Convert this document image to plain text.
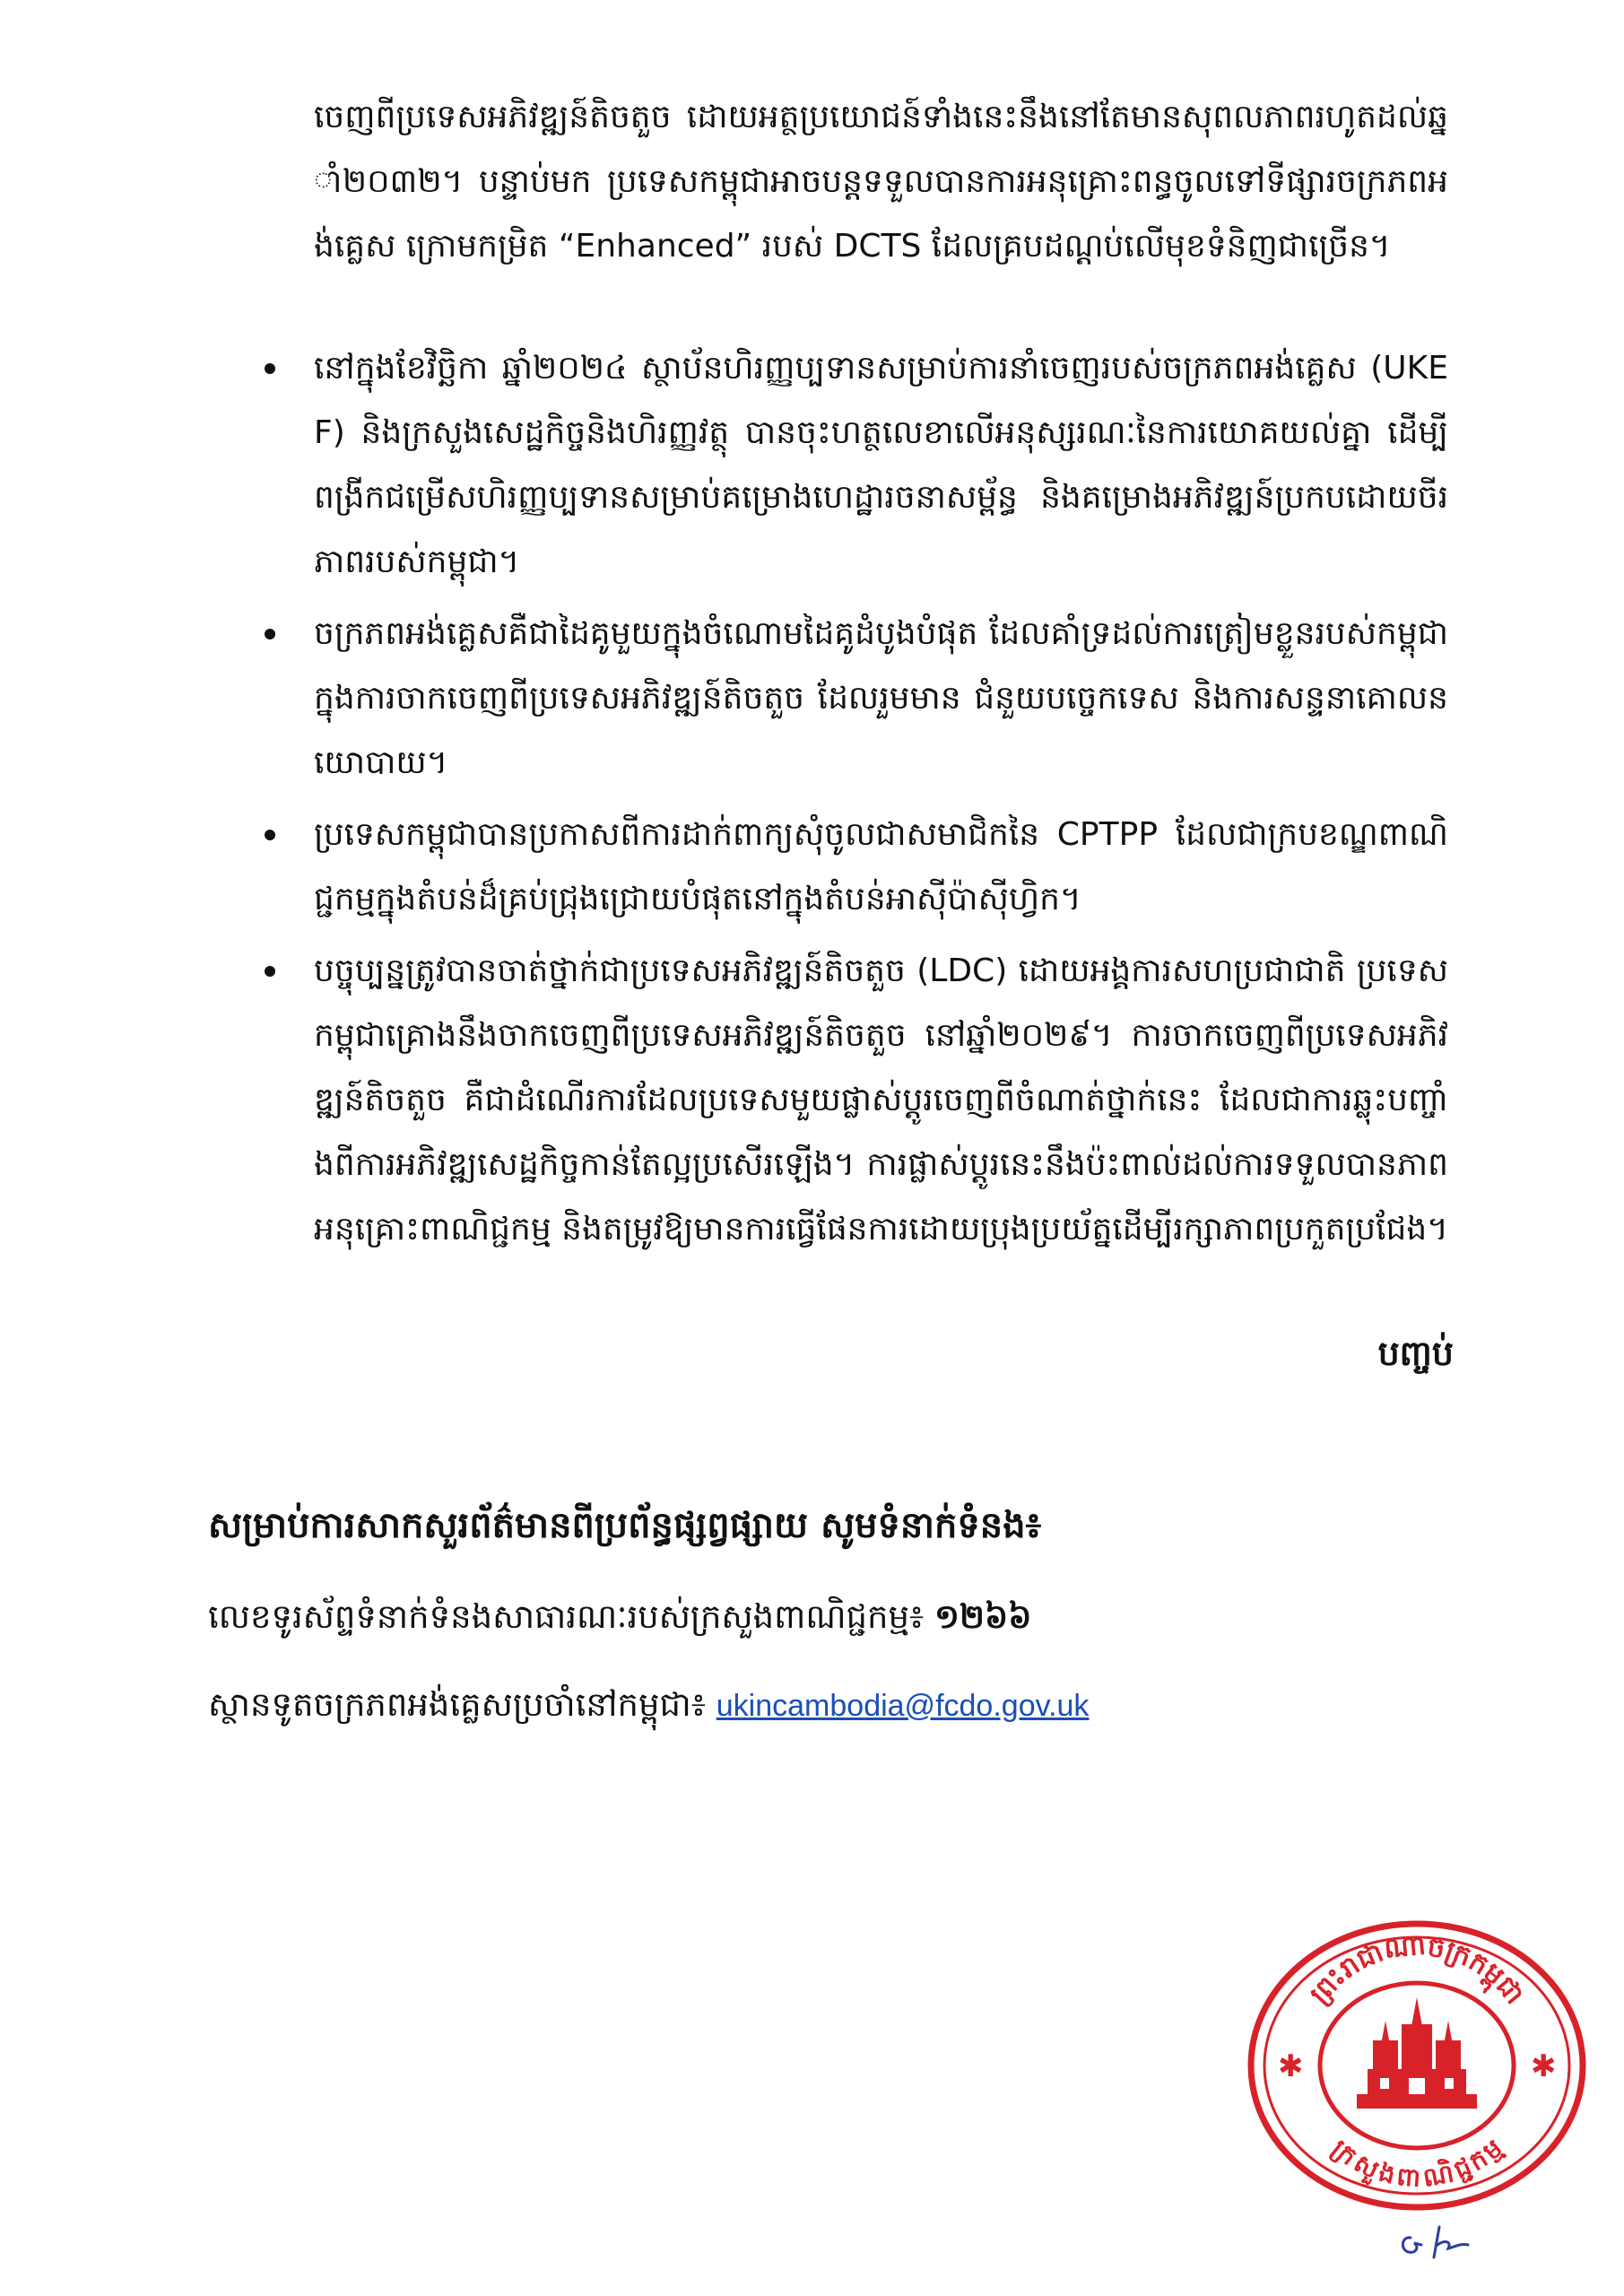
ចេញពីប្រទេសអភិវឌ្ឍន៍តិចតួច ដោយអត្ថប្រយោជន៍ទាំងនេះនឹងនៅតែមានសុពលភាពរហូតដល់ឆ្នាំ២០៣២។ បន្ទាប់មក ប្រទេសកម្ពុជាអាចបន្តទទួលបានការអនុគ្រោះពន្ធចូលទៅទីផ្សារចក្រភពអង់គ្លេស ក្រោមកម្រិត “Enhanced” របស់ DCTS ដែលគ្របដណ្តប់លើមុខទំនិញជាច្រើន។
នៅក្នុងខែវិច្ឆិកា ឆ្នាំ២០២៤ ស្ថាប័នហិរញ្ញប្បទានសម្រាប់ការនាំចេញរបស់ចក្រភពអង់គ្លេស (UKEF) និងក្រសួងសេដ្ឋកិច្ចនិងហិរញ្ញវត្ថុ បានចុះហត្ថលេខាលើអនុស្សរណៈនៃការយោគយល់គ្នា ដើម្បីពង្រីកជម្រើសហិរញ្ញប្បទានសម្រាប់គម្រោងហេដ្ឋារចនាសម្ព័ន្ធ និងគម្រោងអភិវឌ្ឍន៍ប្រកបដោយចីរភាពរបស់កម្ពុជា។
ចក្រភពអង់គ្លេសគឺជាដៃគូមួយក្នុងចំណោមដៃគូដំបូងបំផុត ដែលគាំទ្រដល់ការត្រៀមខ្លួនរបស់កម្ពុជា ក្នុងការចាកចេញពីប្រទេសអភិវឌ្ឍន៍តិចតួច ដែលរួមមាន ជំនួយបច្ចេកទេស និងការសន្ទនាគោលនយោបាយ។
ប្រទេសកម្ពុជាបានប្រកាសពីការដាក់ពាក្យសុំចូលជាសមាជិកនៃ CPTPP ដែលជាក្របខណ្ឌពាណិជ្ជកម្មក្នុងតំបន់ដ៏គ្រប់ជ្រុងជ្រោយបំផុតនៅក្នុងតំបន់អាស៊ីប៉ាស៊ីហ្វិក។
បច្ចុប្បន្នត្រូវបានចាត់ថ្នាក់ជាប្រទេសអភិវឌ្ឍន៍តិចតួច (LDC) ដោយអង្គការសហប្រជាជាតិ ប្រទេសកម្ពុជាគ្រោងនឹងចាកចេញពីប្រទេសអភិវឌ្ឍន៍តិចតួច នៅឆ្នាំ២០២៩។ ការចាកចេញពីប្រទេសអភិវឌ្ឍន៍តិចតួច គឺជាដំណើរការដែលប្រទេសមួយផ្លាស់ប្តូរចេញពីចំណាត់ថ្នាក់នេះ ដែលជាការឆ្លុះបញ្ចាំងពីការអភិវឌ្ឍសេដ្ឋកិច្ចកាន់តែល្អប្រសើរឡើង។ ការផ្លាស់ប្តូរនេះនឹងប៉ះពាល់ដល់ការទទួលបានភាពអនុគ្រោះពាណិជ្ជកម្ម និងតម្រូវឱ្យមានការធ្វើផែនការដោយប្រុងប្រយ័ត្នដើម្បីរក្សាភាពប្រកួតប្រជែង។
បញ្ចប់
សម្រាប់ការសាកសួរព័ត៌មានពីប្រព័ន្ធផ្សព្វផ្សាយ សូមទំនាក់ទំនង៖
លេខទូរស័ព្ទទំនាក់ទំនងសាធារណៈរបស់ក្រសួងពាណិជ្ជកម្ម៖ ១២៦៦
ស្ថានទូតចក្រភពអង់គ្លេសប្រចាំនៅកម្ពុជា៖ ukincambodia@fcdo.gov.uk
ព្រះរាជាណាចក្រកម្ពុជា
ក្រសួងពាណិជ្ជកម្ម
✱	✱
